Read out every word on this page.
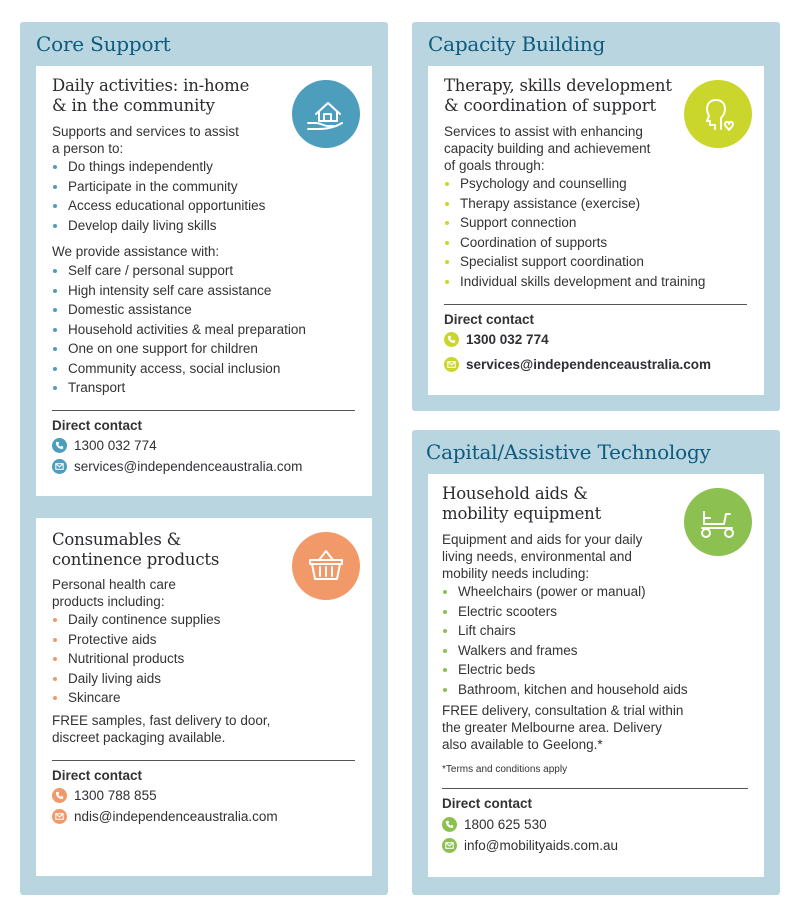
Core Support
Daily activities: in-home
& in the community
Supports and services to assist
a person to:
Do things independently
Participate in the community
Access educational opportunities
Develop daily living skills
We provide assistance with:
Self care / personal support
High intensity self care assistance
Domestic assistance
Household activities & meal preparation
One on one support for children
Community access, social inclusion
Transport
Direct contact
1300 032 774
services@independenceaustralia.com
Consumables &
continence products
Personal health care
products including:
Daily continence supplies
Protective aids
Nutritional products
Daily living aids
Skincare
FREE samples, fast delivery to door,
discreet packaging available.
Direct contact
1300 788 855
ndis@independenceaustralia.com
Capacity Building
Therapy, skills development
& coordination of support
Services to assist with enhancing
capacity building and achievement
of goals through:
Psychology and counselling
Therapy assistance (exercise)
Support connection
Coordination of supports
Specialist support coordination
Individual skills development and training
Direct contact
1300 032 774
services@independenceaustralia.com
Capital/Assistive Technology
Household aids &
mobility equipment
Equipment and aids for your daily
living needs, environmental and
mobility needs including:
Wheelchairs (power or manual)
Electric scooters
Lift chairs
Walkers and frames
Electric beds
Bathroom, kitchen and household aids
FREE delivery, consultation & trial within
the greater Melbourne area. Delivery
also available to Geelong.*
*Terms and conditions apply
Direct contact
1800 625 530
info@mobilityaids.com.au
